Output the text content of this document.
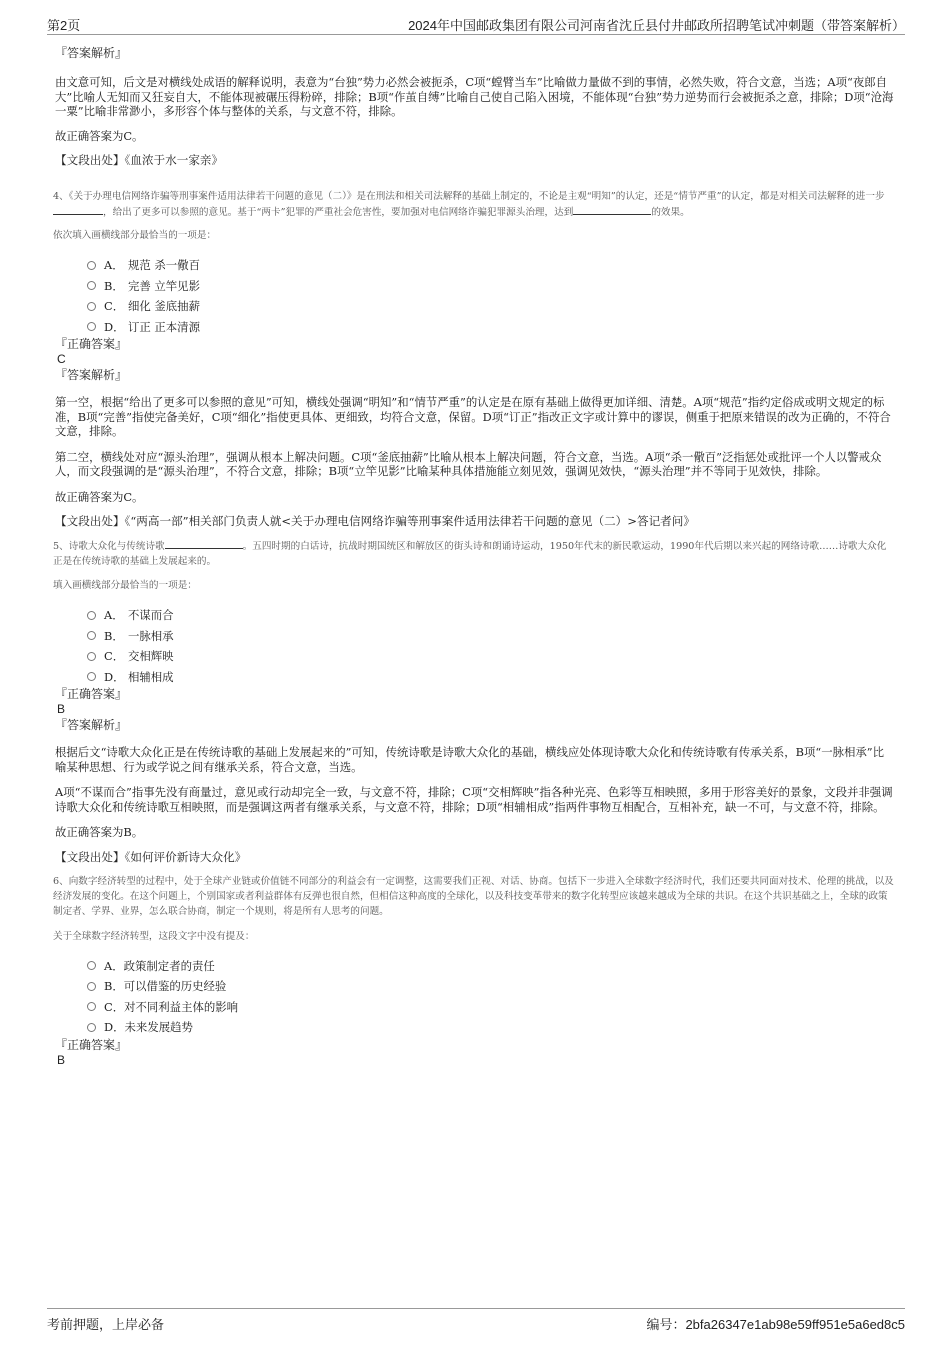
第2页	2024年中国邮政集团有限公司河南省沈丘县付井邮政所招聘笔试冲刺题（带答案解析）

『答案解析』

由文意可知，后文是对横线处成语的解释说明，表意为“台独”势力必然会被扼杀，C项“螳臂当车”比喻做力量做不到的事情，必然失败，符合文意，当选；A项“夜郎自大”比喻人无知而又狂妄自大，不能体现被碾压得粉碎，排除；B项“作茧自缚”比喻自己使自己陷入困境，不能体现“台独”势力逆势而行会被扼杀之意，排除；D项“沧海一粟”比喻非常渺小，多形容个体与整体的关系，与文意不符，排除。

故正确答案为C。

【文段出处】《血浓于水一家亲》

4、《关于办理电信网络诈骗等刑事案件适用法律若干问题的意见（二）》是在刑法和相关司法解释的基础上制定的，不论是主观“明知”的认定，还是“情节严重”的认定，都是对相关司法解释的进一步，给出了更多可以参照的意见。基于“两卡”犯罪的严重社会危害性，要加强对电信网络诈骗犯罪源头治理，达到	的效果。

依次填入画横线部分最恰当的一项是：

A． 规范 杀一儆百
B． 完善 立竿见影
C． 细化 釜底抽薪
D． 订正 正本清源

『正确答案』

C

『答案解析』

第一空，根据“给出了更多可以参照的意见”可知，横线处强调“明知”和“情节严重”的认定是在原有基础上做得更加详细、清楚。A项“规范”指约定俗成或明文规定的标准，B项“完善”指使完备美好，C项“细化”指使更具体、更细致，均符合文意，保留。D项“订正”指改正文字或计算中的谬误，侧重于把原来错误的改为正确的，不符合文意，排除。

第二空，横线处对应“源头治理”，强调从根本上解决问题。C项“釜底抽薪”比喻从根本上解决问题，符合文意，当选。A项“杀一儆百”泛指惩处或批评一个人以警戒众人，而文段强调的是“源头治理”，不符合文意，排除；B项“立竿见影”比喻某种具体措施能立刻见效，强调见效快，“源头治理”并不等同于见效快，排除。

故正确答案为C。

【文段出处】《“两高一部”相关部门负责人就<关于办理电信网络诈骗等刑事案件适用法律若干问题的意见（二）>答记者问》

5、诗歌大众化与传统诗歌	。五四时期的白话诗，抗战时期国统区和解放区的街头诗和朗诵诗运动，1950年代末的新民歌运动，1990年代后期以来兴起的网络诗歌……诗歌大众化正是在传统诗歌的基础上发展起来的。

填入画横线部分最恰当的一项是：

A． 不谋而合
B． 一脉相承
C． 交相辉映
D． 相辅相成

『正确答案』

B

『答案解析』

根据后文“诗歌大众化正是在传统诗歌的基础上发展起来的”可知，传统诗歌是诗歌大众化的基础，横线应处体现诗歌大众化和传统诗歌有传承关系，B项“一脉相承”比喻某种思想、行为或学说之间有继承关系，符合文意，当选。

A项“不谋而合”指事先没有商量过，意见或行动却完全一致，与文意不符，排除；C项“交相辉映”指各种光亮、色彩等互相映照，多用于形容美好的景象，文段并非强调诗歌大众化和传统诗歌互相映照，而是强调这两者有继承关系，与文意不符，排除；D项“相辅相成”指两件事物互相配合，互相补充，缺一不可，与文意不符，排除。

故正确答案为B。

【文段出处】《如何评价新诗大众化》

6、向数字经济转型的过程中，处于全球产业链或价值链不同部分的利益会有一定调整，这需要我们正视、对话、协商。包括下一步进入全球数字经济时代，我们还要共同面对技术、伦理的挑战，以及经济发展的变化。在这个问题上，个别国家或者利益群体有反弹也很自然，但相信这种高度的全球化，以及科技变革带来的数字化转型应该越来越成为全球的共识。在这个共识基础之上，全球的政策制定者、学界、业界，怎么联合协商，制定一个规则，将是所有人思考的问题。

关于全球数字经济转型，这段文字中没有提及：

A． 政策制定者的责任
B． 可以借鉴的历史经验
C． 对不同利益主体的影响
D． 未来发展趋势

『正确答案』

B

考前押题，上岸必备	编号：2bfa26347e1ab98e59ff951e5a6ed8c5
